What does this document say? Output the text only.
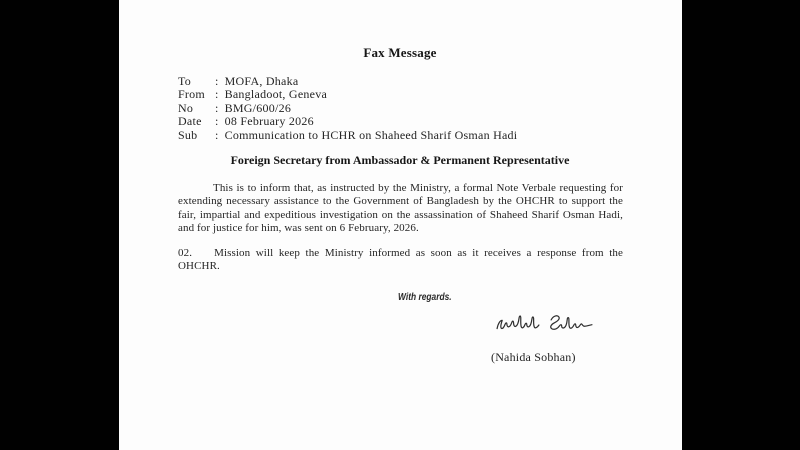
Fax Message
To	: MOFA, Dhaka
From : Bangladoot, Geneva
No	: BMG/600/26
Date	: 08 February 2026
Sub	: Communication to HCHR on Shaheed Sharif Osman Hadi
Foreign Secretary from Ambassador & Permanent Representative

This is to inform that, as instructed by the Ministry, a formal Note Verbale requesting for extending necessary assistance to the Government of Bangladesh by the OHCHR to support the fair, impartial and expeditious investigation on the assassination of Shaheed Sharif Osman Hadi, and for justice for him, was sent on 6 February, 2026.

02. Mission will keep the Ministry informed as soon as it receives a response from the OHCHR.

With regards.
(Nahida Sobhan)
